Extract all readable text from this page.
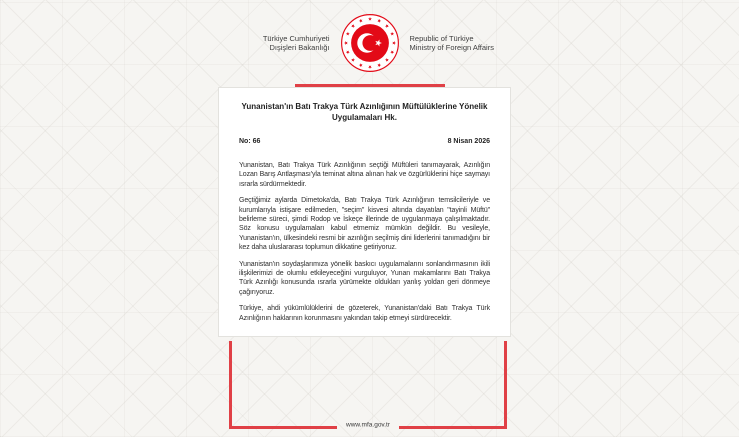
Türkiye Cumhuriyeti
Dışişleri Bakanlığı
Republic of Türkiye
Ministry of Foreign Affairs
Yunanistan'ın Batı Trakya Türk Azınlığının Müftülüklerine Yönelik Uygulamaları Hk.
No: 66	8 Nisan 2026

Yunanistan, Batı Trakya Türk Azınlığının seçtiği Müftüleri tanımayarak, Azınlığın Lozan Barış Antlaşması'yla teminat altına alınan hak ve özgürlüklerini hiçe saymayı ısrarla sürdürmektedir.

Geçtiğimiz aylarda Dimetoka'da, Batı Trakya Türk Azınlığının temsilcileriyle ve kurumlarıyla istişare edilmeden, "seçim" kisvesi altında dayatılan "tayinli Müftü" belirleme süreci, şimdi Rodop ve İskeçe illerinde de uygulanmaya çalışılmaktadır. Söz konusu uygulamaları kabul etmemiz mümkün değildir. Bu vesileyle, Yunanistan'ın, ülkesindeki resmi bir azınlığın seçilmiş dini liderlerini tanımadığını bir kez daha uluslararası toplumun dikkatine getiriyoruz.

Yunanistan'ın soydaşlarımıza yönelik baskıcı uygulamalarını sonlandırmasının ikili ilişkilerimizi de olumlu etkileyeceğini vurguluyor, Yunan makamlarını Batı Trakya Türk Azınlığı konusunda ısrarla yürümekte oldukları yanlış yoldan geri dönmeye çağırıyoruz.

Türkiye, ahdi yükümlülüklerini de gözeterek, Yunanistan'daki Batı Trakya Türk Azınlığının haklarının korunmasını yakından takip etmeyi sürdürecektir.

www.mfa.gov.tr
